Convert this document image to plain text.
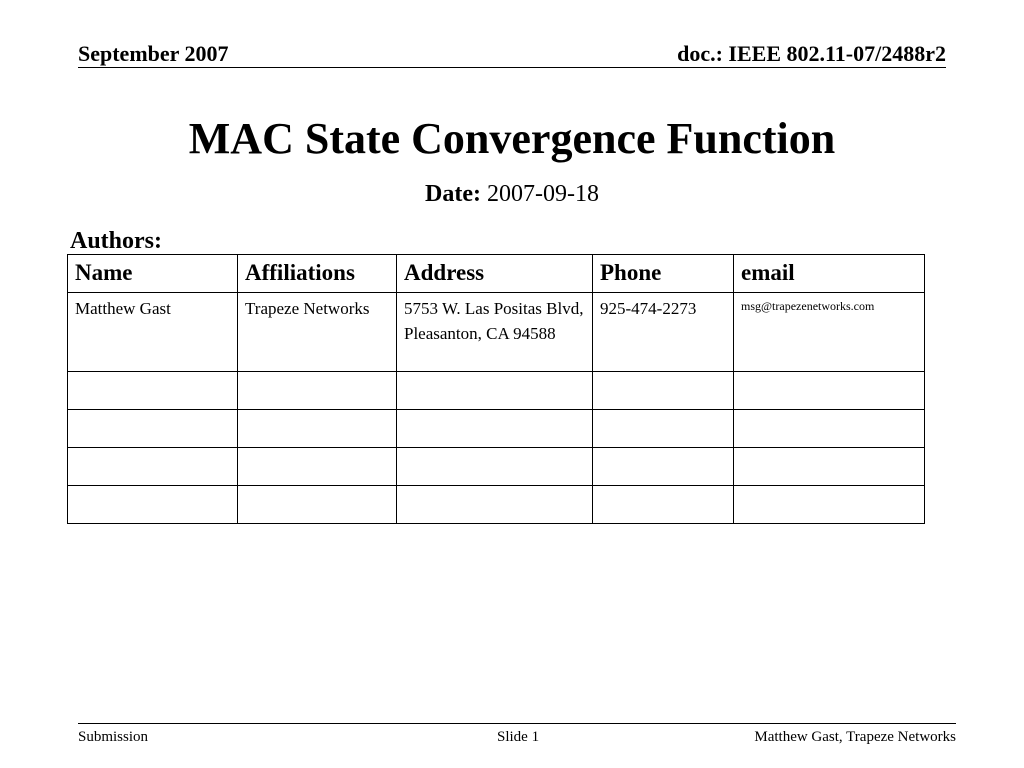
September 2007	doc.: IEEE 802.11-07/2488r2
MAC State Convergence Function
Date: 2007-09-18
Authors:
Name	Affiliations	Address	Phone	email
Matthew Gast	Trapeze Networks	5753 W. Las Positas Blvd, Pleasanton, CA 94588	925-474-2273	msg@trapezenetworks.com

Submission	Slide 1	Matthew Gast, Trapeze Networks
